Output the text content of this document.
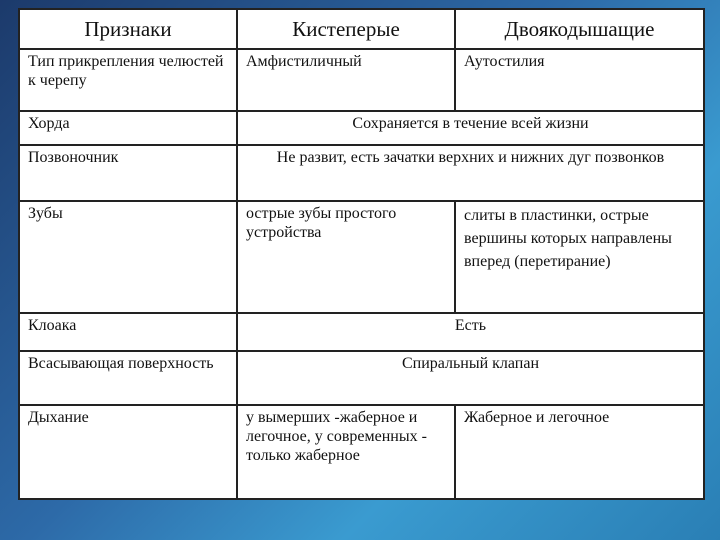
Признаки	Кистеперые	Двоякодышащие
Тип прикрепления челюстей к черепу	Амфистиличный	Аутостилия
Хорда	Сохраняется в течение всей жизни	
Позвоночник	Не развит, есть зачатки верхних и нижних дуг позвонков	
Зубы	острые зубы простого устройства	слиты в пластинки, острые вершины которых направлены вперед (перетирание)
Клоака	Есть	
Всасывающая поверхность	Спиральный клапан	
Дыхание	у вымерших -жаберное и легочное, у современных - только жаберное	Жаберное и легочное
